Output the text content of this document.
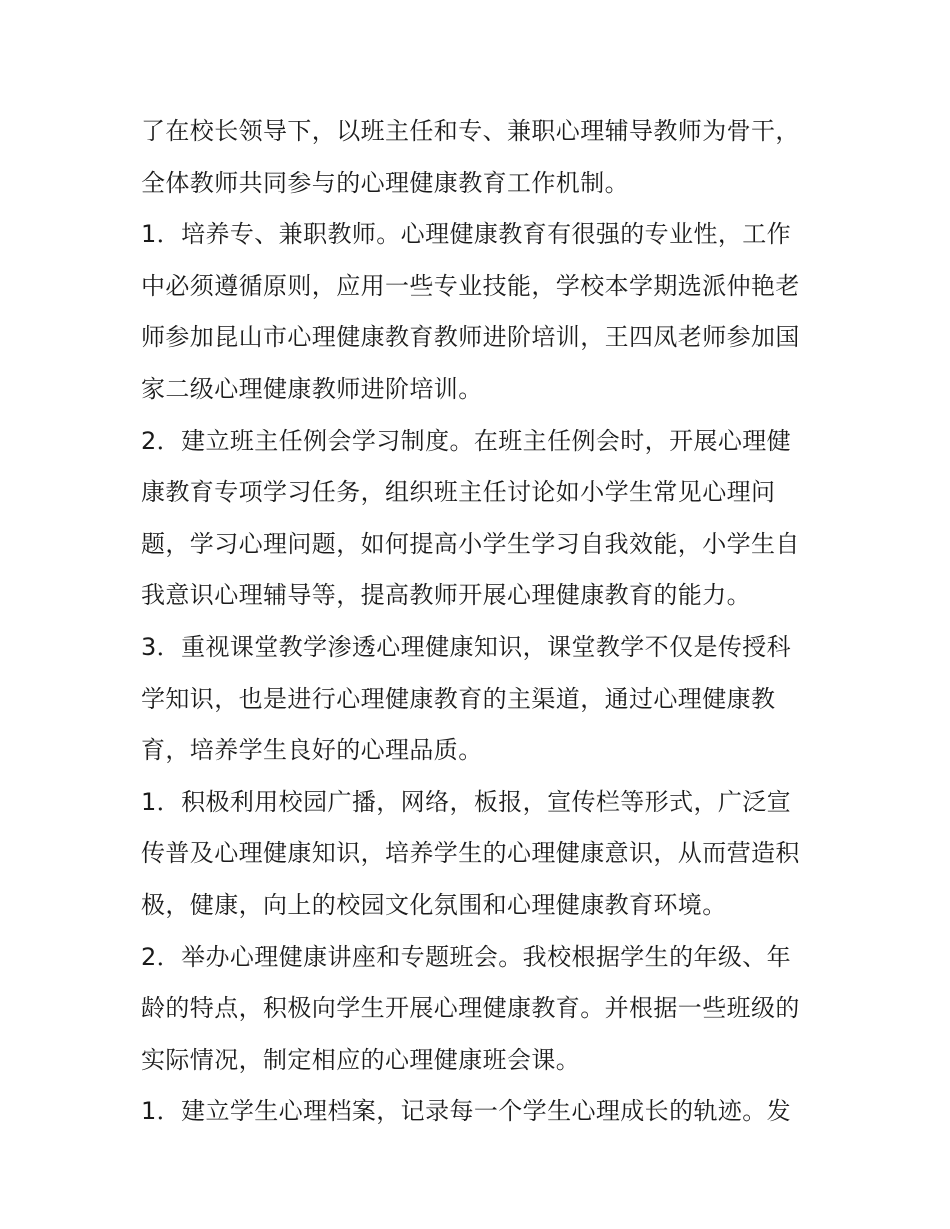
了在校长领导下，以班主任和专、兼职心理辅导教师为骨干，
全体教师共同参与的心理健康教育工作机制。
1．培养专、兼职教师。心理健康教育有很强的专业性，工作
中必须遵循原则，应用一些专业技能，学校本学期选派仲艳老
师参加昆山市心理健康教育教师进阶培训，王四凤老师参加国
家二级心理健康教师进阶培训。
2．建立班主任例会学习制度。在班主任例会时，开展心理健
康教育专项学习任务，组织班主任讨论如小学生常见心理问
题，学习心理问题，如何提高小学生学习自我效能，小学生自
我意识心理辅导等，提高教师开展心理健康教育的能力。
3．重视课堂教学渗透心理健康知识，课堂教学不仅是传授科
学知识，也是进行心理健康教育的主渠道，通过心理健康教
育，培养学生良好的心理品质。
1．积极利用校园广播，网络，板报，宣传栏等形式，广泛宣
传普及心理健康知识，培养学生的心理健康意识，从而营造积
极，健康，向上的校园文化氛围和心理健康教育环境。
2．举办心理健康讲座和专题班会。我校根据学生的年级、年
龄的特点，积极向学生开展心理健康教育。并根据一些班级的
实际情况，制定相应的心理健康班会课。
1．建立学生心理档案，记录每一个学生心理成长的轨迹。发
